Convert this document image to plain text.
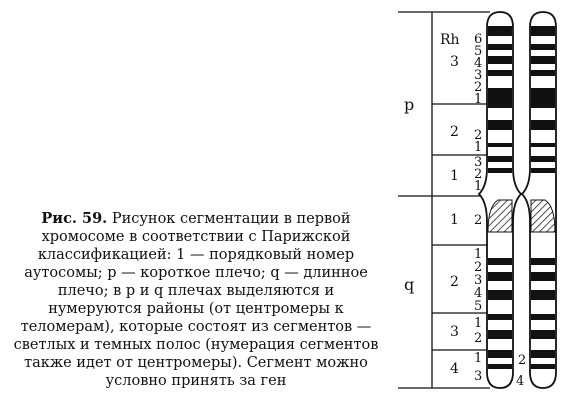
p
q
Rh
3
2
1
1
2
3
4
6
5
4
3
2
1
2
1
3
2
1
2
1
2
3
4
5
1
2
1
3
2
4

Рис. 59. Рисунок сегментации в первой хромосоме в соответствии с Парижской классификацией: 1 — порядковый номер аутосомы; р — короткое плечо; q — длинное плечо; в р и q плечах выделяются и нумеруются районы (от центромеры к теломерам), которые состоят из сегментов — светлых и темных полос (нумерация сегментов также идет от центромеры). Сегмент можно условно принять за ген
